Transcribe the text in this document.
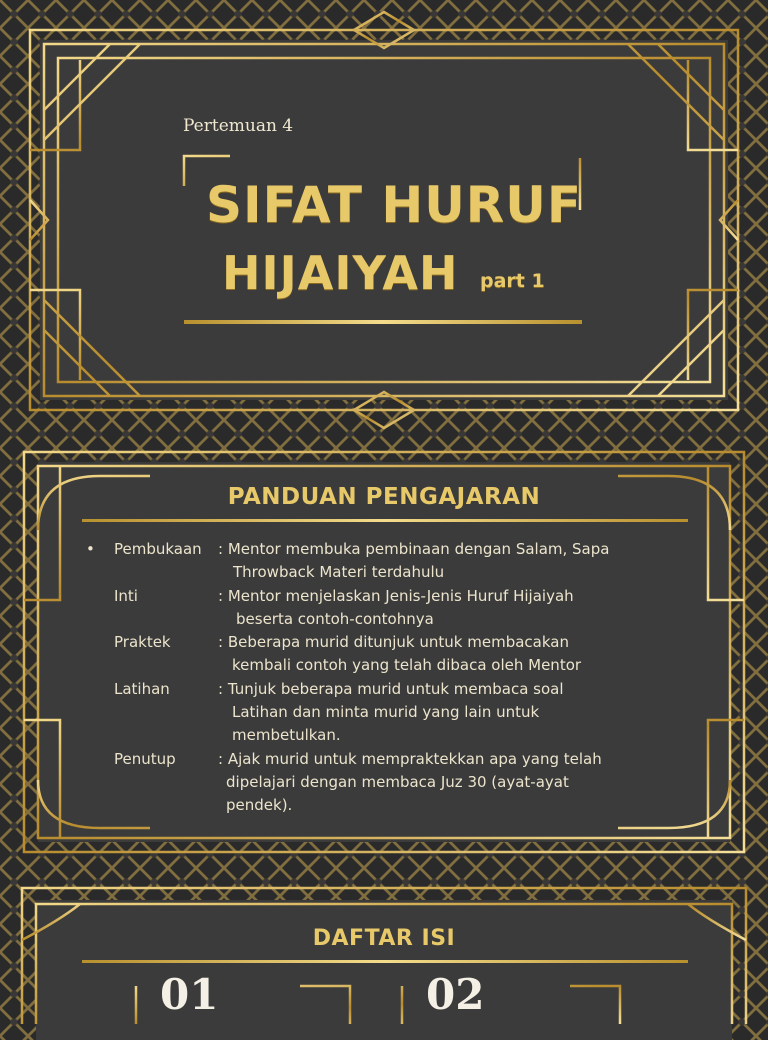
Pertemuan 4
SIFAT HURUF
HIJAIYAH part 1
PANDUAN PENGAJARAN
•	Pembukaan : Mentor membuka pembinaan dengan Salam, Sapa
Throwback Materi terdahulu
Inti	: Mentor menjelaskan Jenis-Jenis Huruf Hijaiyah
beserta contoh-contohnya
Praktek	: Beberapa murid ditunjuk untuk membacakan
kembali contoh yang telah dibaca oleh Mentor
Latihan	: Tunjuk beberapa murid untuk membaca soal
Latihan dan minta murid yang lain untuk
membetulkan.
Penutup	: Ajak murid untuk mempraktekkan apa yang telah
dipelajari dengan membaca Juz 30 (ayat-ayat
pendek).
DAFTAR ISI
01	02
